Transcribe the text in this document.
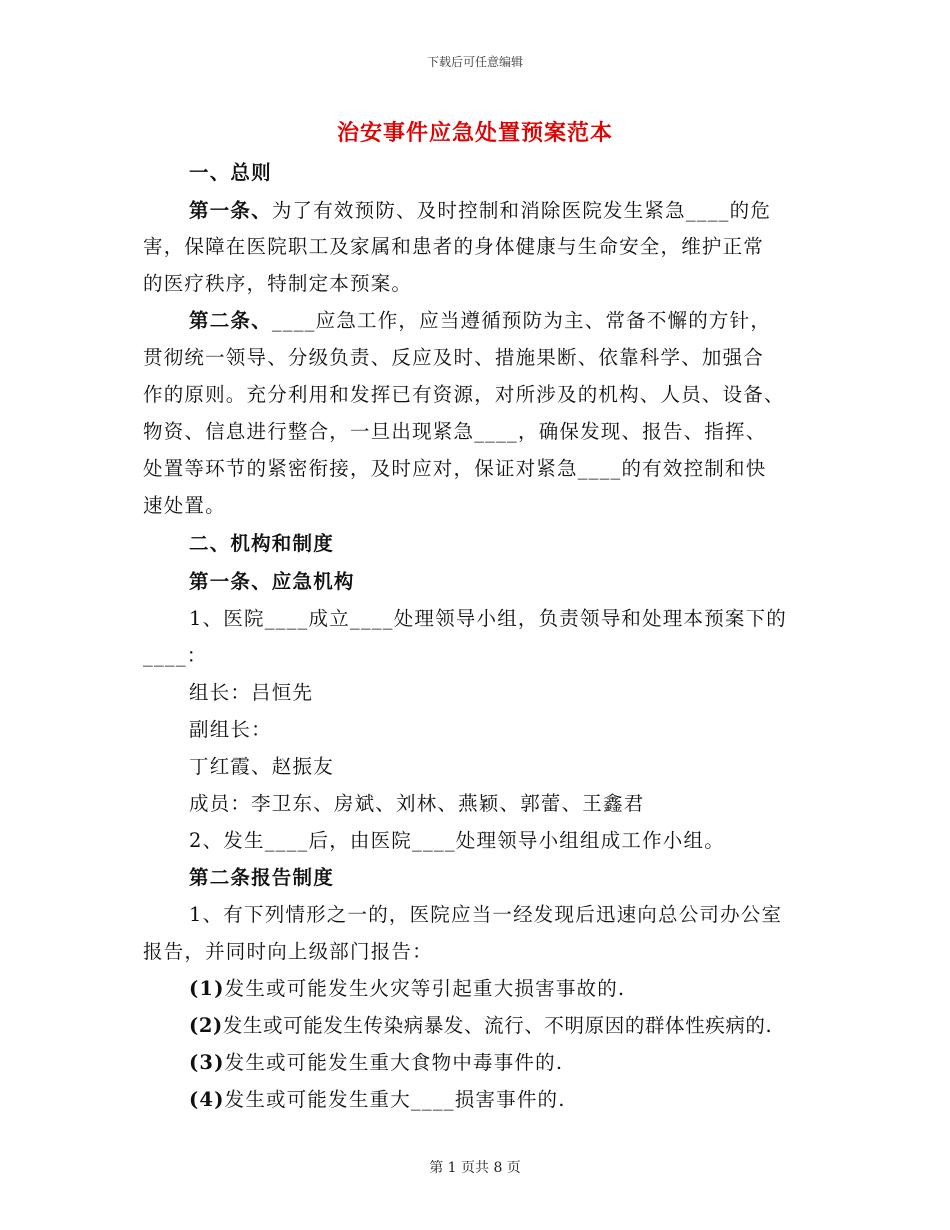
下载后可任意编辑
治安事件应急处置预案范本
一、总则
第一条、为了有效预防、及时控制和消除医院发生紧急____的危
害，保障在医院职工及家属和患者的身体健康与生命安全，维护正常
的医疗秩序，特制定本预案。
第二条、____应急工作，应当遵循预防为主、常备不懈的方针，
贯彻统一领导、分级负责、反应及时、措施果断、依靠科学、加强合
作的原则。充分利用和发挥已有资源，对所涉及的机构、人员、设备、
物资、信息进行整合，一旦出现紧急____，确保发现、报告、指挥、
处置等环节的紧密衔接，及时应对，保证对紧急____的有效控制和快
速处置。
二、机构和制度
第一条、应急机构
1、医院____成立____处理领导小组，负责领导和处理本预案下的
____：
组长：吕恒先
副组长：
丁红霞、赵振友
成员：李卫东、房斌、刘林、燕颖、郭蕾、王鑫君
2、发生____后，由医院____处理领导小组组成工作小组。
第二条报告制度
1、有下列情形之一的，医院应当一经发现后迅速向总公司办公室
报告，并同时向上级部门报告：
(1)发生或可能发生火灾等引起重大损害事故的.
(2)发生或可能发生传染病暴发、流行、不明原因的群体性疾病的.
(3)发生或可能发生重大食物中毒事件的.
(4)发生或可能发生重大____损害事件的.
第 1 页共 8 页
